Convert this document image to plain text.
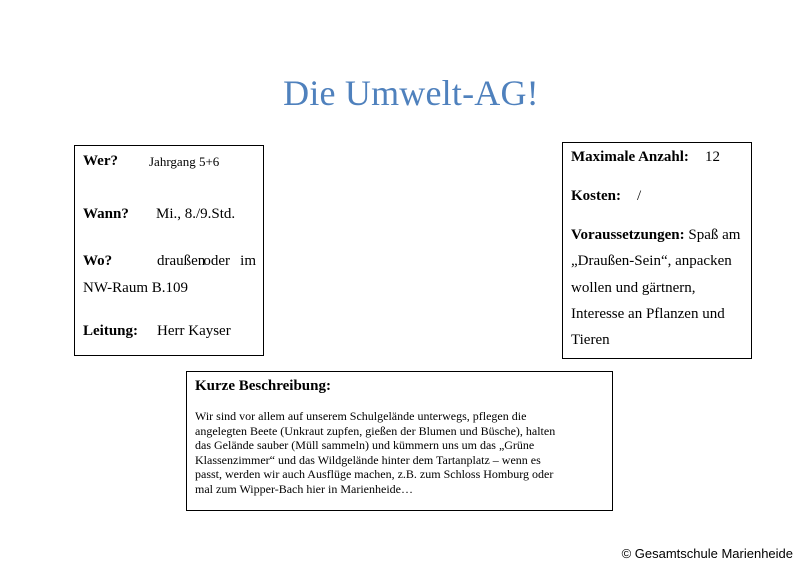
Die Umwelt-AG!
Wer? Jahrgang 5+6
Wann? Mi., 8./9.Std.
Wo?	draußen
oder im
NW-Raum B.109
Leitung: Herr Kayser
Maximale Anzahl: 12
Kosten: /
Voraussetzungen: Spaß am
„Draußen-Sein“, anpacken
wollen und gärtnern,
Interesse an Pflanzen und
Tieren
Kurze Beschreibung:
Wir sind vor allem auf unserem Schulgelände unterwegs, pflegen die
angelegten Beete (Unkraut zupfen, gießen der Blumen und Büsche), halten
das Gelände sauber (Müll sammeln) und kümmern uns um das „Grüne
Klassenzimmer“ und das Wildgelände hinter dem Tartanplatz – wenn es
passt, werden wir auch Ausflüge machen, z.B. zum Schloss Homburg oder
mal zum Wipper-Bach hier in Marienheide…
© Gesamtschule Marienheide
